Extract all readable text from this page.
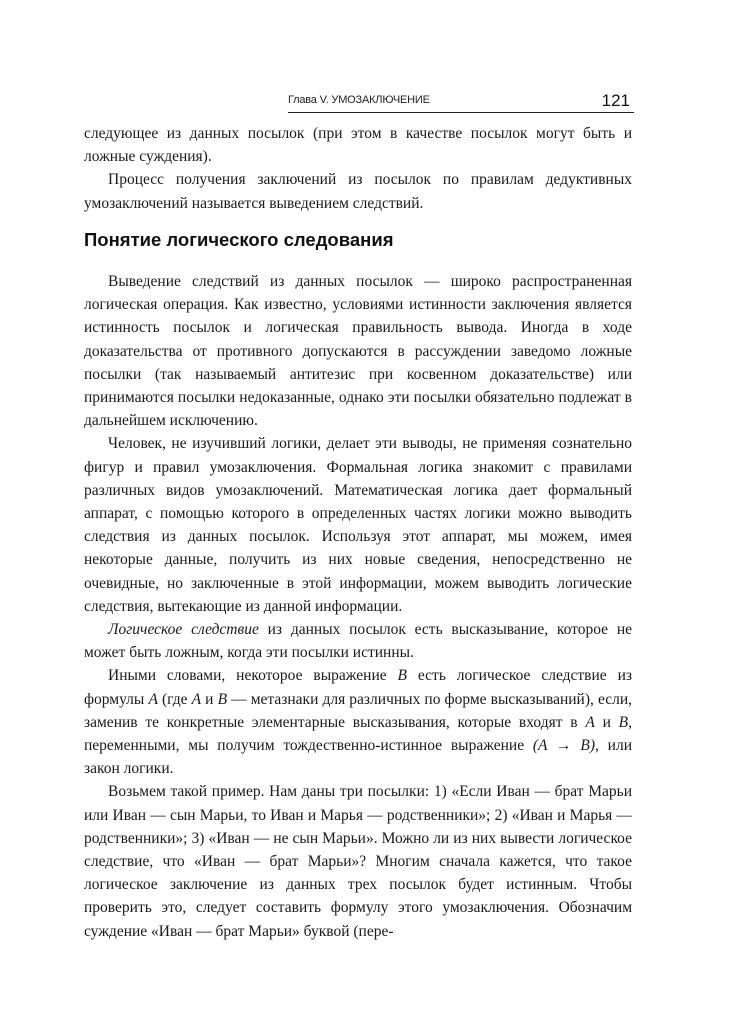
Глава V. УМОЗАКЛЮЧЕНИЕ	121

следующее из данных посылок (при этом в качестве посылок могут быть и ложные суждения).

Процесс получения заключений из посылок по правилам дедуктивных умозаключений называется выведением следствий.

Понятие логического следования

Выведение следствий из данных посылок — широко распространенная логическая операция. Как известно, условиями истинности заключения является истинность посылок и логическая правильность вывода. Иногда в ходе доказательства от противного допускаются в рассуждении заведомо ложные посылки (так называемый антитезис при косвенном доказательстве) или принимаются посылки недоказанные, однако эти посылки обязательно подлежат в дальнейшем исключению.

Человек, не изучивший логики, делает эти выводы, не применяя сознательно фигур и правил умозаключения. Формальная логика знакомит с правилами различных видов умозаключений. Математическая логика дает формальный аппарат, с помощью которого в определенных частях логики можно выводить следствия из данных посылок. Используя этот аппарат, мы можем, имея некоторые данные, получить из них новые сведения, непосредственно не очевидные, но заключенные в этой информации, можем выводить логические следствия, вытекающие из данной информации.

Логическое следствие из данных посылок есть высказывание, которое не может быть ложным, когда эти посылки истинны.

Иными словами, некоторое выражение B есть логическое следствие из формулы A (где A и B — метазнаки для различных по форме высказываний), если, заменив те конкретные элементарные высказывания, которые входят в A и B, переменными, мы получим тождественно-истинное выражение (A → B), или закон логики.

Возьмем такой пример. Нам даны три посылки: 1) «Если Иван — брат Марьи или Иван — сын Марьи, то Иван и Марья — родственники»; 2) «Иван и Марья — родственники»; 3) «Иван — не сын Марьи». Можно ли из них вывести логическое следствие, что «Иван — брат Марьи»? Многим сначала кажется, что такое логическое заключение из данных трех посылок будет истинным. Чтобы проверить это, следует составить формулу этого умозаключения. Обозначим суждение «Иван — брат Марьи» буквой (пере-
